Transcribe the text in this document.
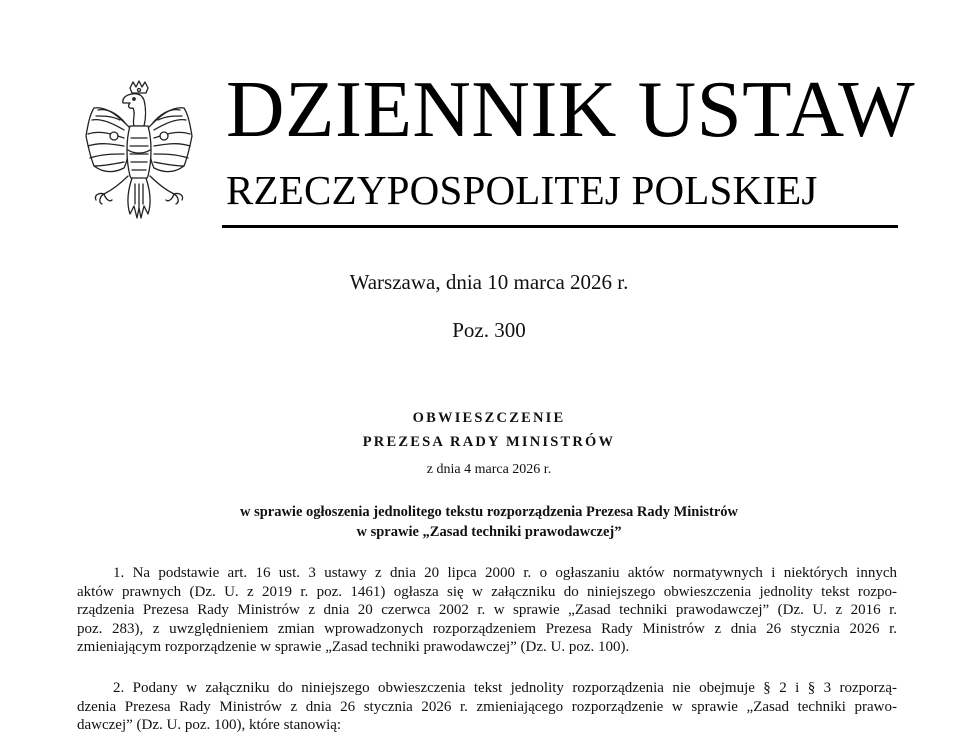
DZIENNIK USTAW
RZECZYPOSPOLITEJ POLSKIEJ
Warszawa, dnia 10 marca 2026 r.
Poz. 300
OBWIESZCZENIE
PREZESA RADY MINISTRÓW
z dnia 4 marca 2026 r.
w sprawie ogłoszenia jednolitego tekstu rozporządzenia Prezesa Rady Ministrów
w sprawie „Zasad techniki prawodawczej”
1. Na podstawie art. 16 ust. 3 ustawy z dnia 20 lipca 2000 r. o ogłaszaniu aktów normatywnych i niektórych innych
aktów prawnych (Dz. U. z 2019 r. poz. 1461) ogłasza się w załączniku do niniejszego obwieszczenia jednolity tekst rozpo-
rządzenia Prezesa Rady Ministrów z dnia 20 czerwca 2002 r. w sprawie „Zasad techniki prawodawczej” (Dz. U. z 2016 r.
poz. 283), z uwzględnieniem zmian wprowadzonych rozporządzeniem Prezesa Rady Ministrów z dnia 26 stycznia 2026 r.
zmieniającym rozporządzenie w sprawie „Zasad techniki prawodawczej” (Dz. U. poz. 100).
2. Podany w załączniku do niniejszego obwieszczenia tekst jednolity rozporządzenia nie obejmuje § 2 i § 3 rozporzą-
dzenia Prezesa Rady Ministrów z dnia 26 stycznia 2026 r. zmieniającego rozporządzenie w sprawie „Zasad techniki prawo-
dawczej” (Dz. U. poz. 100), które stanowią:
